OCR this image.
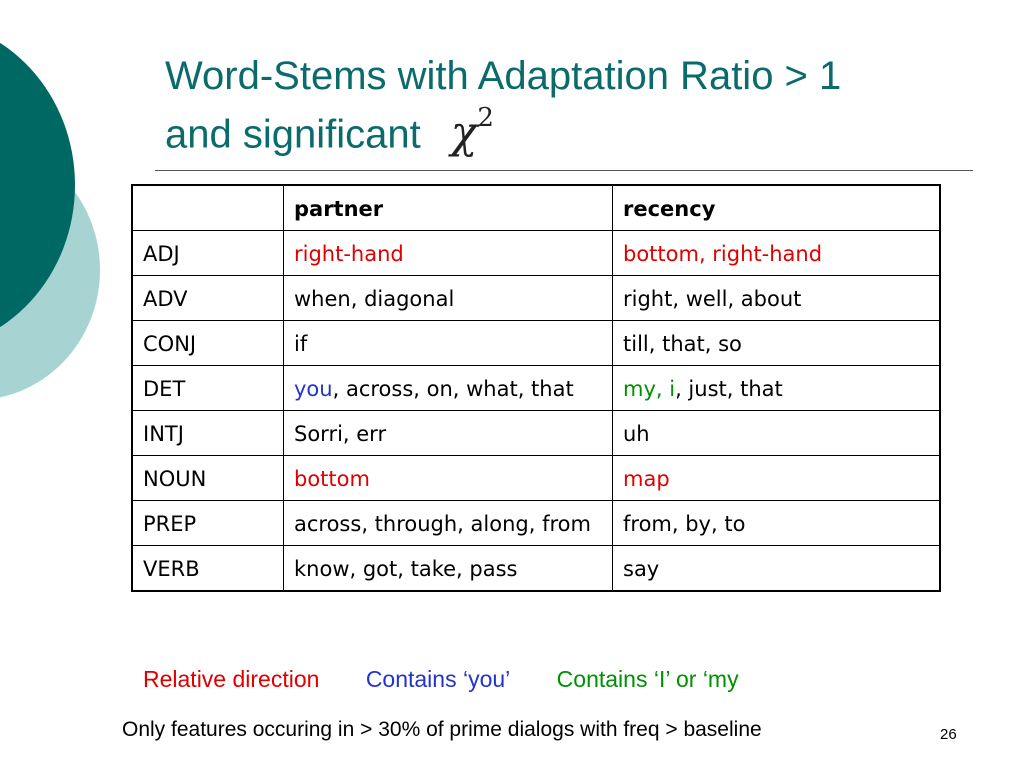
Word-Stems with Adaptation Ratio > 1
and significant $\chi^2$
	partner	recency
ADJ	right-hand	bottom, right-hand
ADV	when, diagonal	right, well, about
CONJ	if	till, that, so
DET	you, across, on, what, that	my, i, just, that
INTJ	Sorri, err	uh
NOUN	bottom	map
PREP	across, through, along, from	from, by, to
VERB	know, got, take, pass	say
Relative direction Contains ‘you’ Contains ‘I’ or ‘my
Only features occuring in > 30% of prime dialogs with freq > baseline	26
